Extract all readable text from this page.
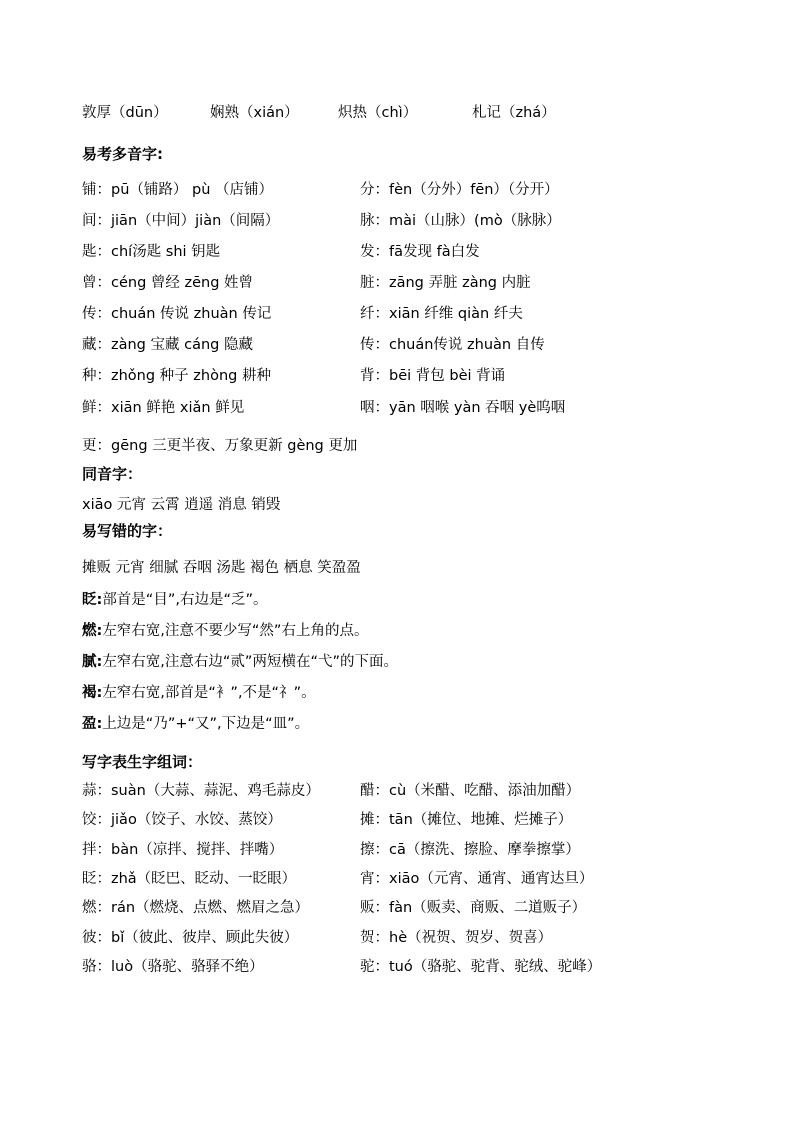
敦厚（dūn）	娴熟（xián）	炽热（chì）	札记（zhá）
易考多音字:
铺：pū（铺路） pù （店铺）	分：fèn（分外）fēn）（分开）
间：jiān（中间）jiàn（间隔）	脉：mài（山脉）(mò（脉脉）
匙：chí汤匙 shi 钥匙	发：fā发现 fà白发
曾：céng 曾经 zēng 姓曾	脏：zāng 弄脏 zàng 内脏
传：chuán 传说 zhuàn 传记	纤：xiān 纤维 qiàn 纤夫
藏：zàng 宝藏 cáng 隐藏	传：chuán传说 zhuàn 自传
种：zhǒng 种子 zhòng 耕种	背：bēi 背包 bèi 背诵
鲜：xiān 鲜艳 xiǎn 鲜见	咽：yān 咽喉 yàn 吞咽 yè呜咽
更：gēng 三更半夜、万象更新 gèng 更加
同音字：
xiāo 元宵 云霄 逍遥 消息 销毁
易写错的字：
摊贩 元宵 细腻 吞咽 汤匙 褐色 栖息 笑盈盈
眨:部首是“目”,右边是“乏”。
燃:左窄右宽,注意不要少写“然”右上角的点。
腻:左窄右宽,注意右边“贰”两短横在“弋”的下面。
褐:左窄右宽,部首是“衤”,不是“礻”。
盈:上边是“乃”+“又”,下边是“皿”。
写字表生字组词：
蒜：suàn（大蒜、蒜泥、鸡毛蒜皮）	醋：cù（米醋、吃醋、添油加醋）
饺：jiǎo（饺子、水饺、蒸饺）	摊：tān（摊位、地摊、烂摊子）
拌：bàn（凉拌、搅拌、拌嘴）	擦：cā（擦洗、擦脸、摩拳擦掌）
眨：zhǎ（眨巴、眨动、一眨眼）	宵：xiāo（元宵、通宵、通宵达旦）
燃：rán（燃烧、点燃、燃眉之急）	贩：fàn（贩卖、商贩、二道贩子）
彼：bǐ（彼此、彼岸、顾此失彼）	贺：hè（祝贺、贺岁、贺喜）
骆：luò（骆驼、骆驿不绝）	驼：tuó（骆驼、驼背、驼绒、驼峰）
